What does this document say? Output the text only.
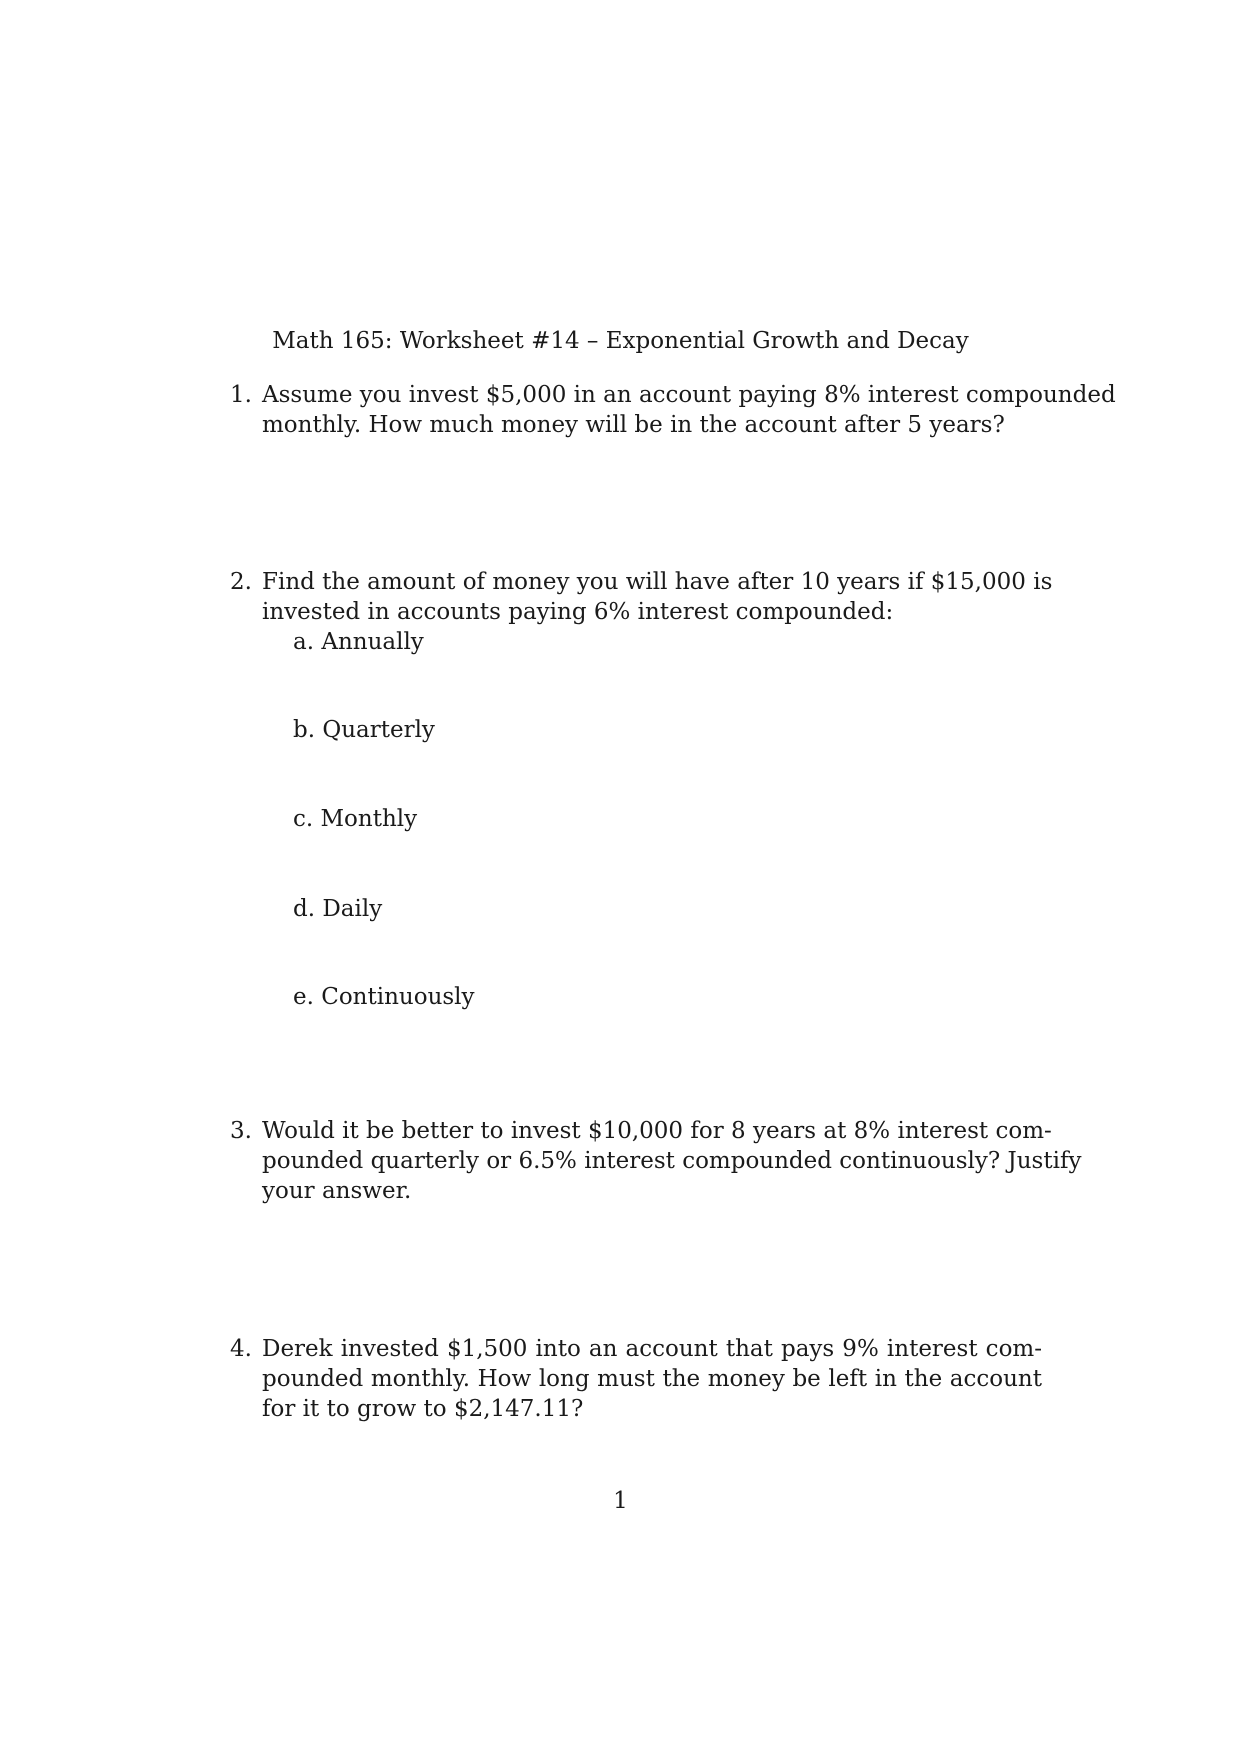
Math 165: Worksheet #14 – Exponential Growth and Decay
1. Assume you invest $5,000 in an account paying 8% interest compounded
monthly. How much money will be in the account after 5 years?
2. Find the amount of money you will have after 10 years if $15,000 is
invested in accounts paying 6% interest compounded:
a. Annually
b. Quarterly
c. Monthly
d. Daily
e. Continuously
3. Would it be better to invest $10,000 for 8 years at 8% interest com-
pounded quarterly or 6.5% interest compounded continuously? Justify
your answer.
4. Derek invested $1,500 into an account that pays 9% interest com-
pounded monthly. How long must the money be left in the account
for it to grow to $2,147.11?
1
